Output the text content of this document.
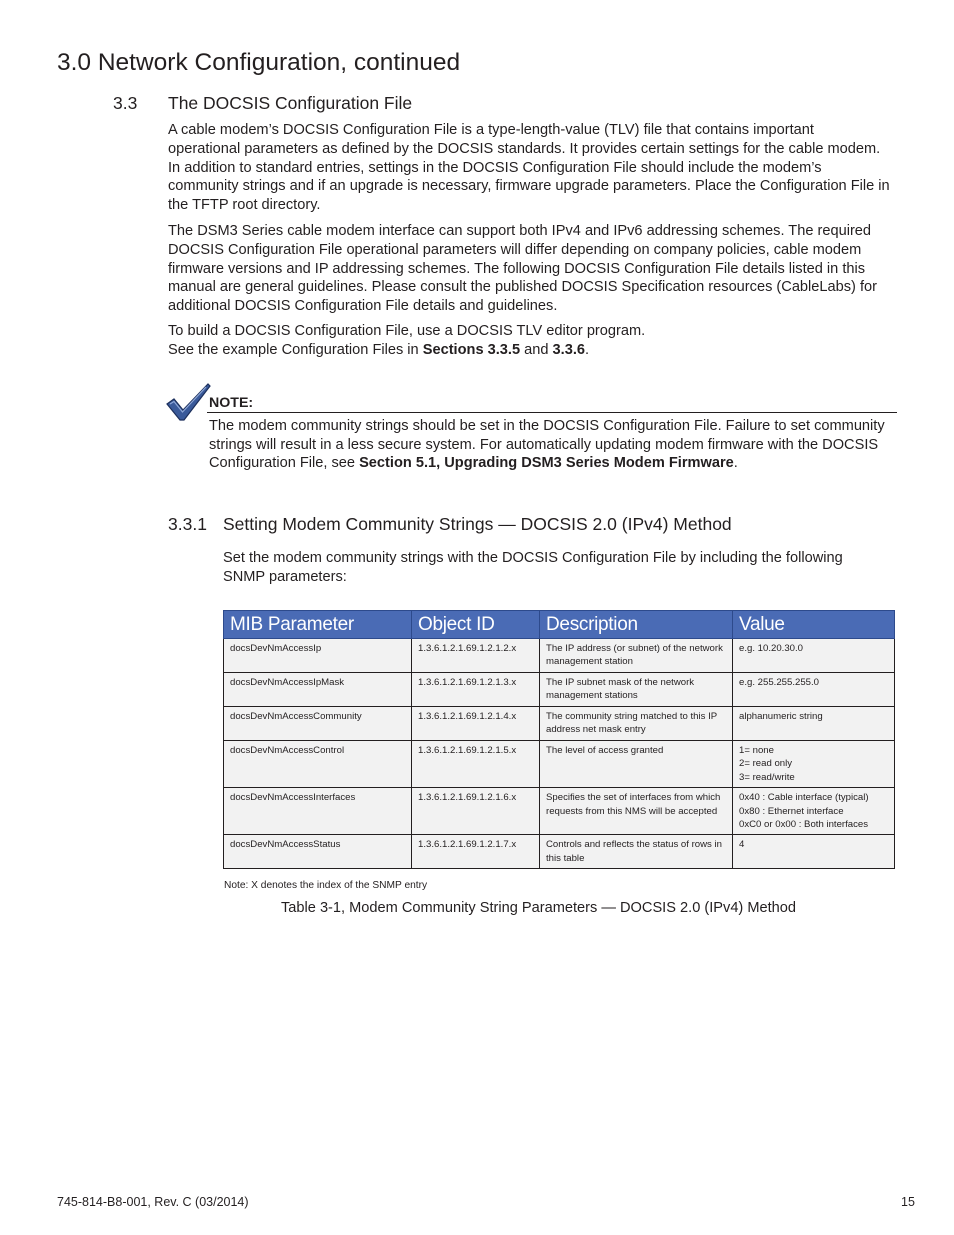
3.0 Network Configuration, continued
3.3 The DOCSIS Configuration File

A cable modem’s DOCSIS Configuration File is a type-length-value (TLV) file that contains important operational parameters as defined by the DOCSIS standards. It provides certain settings for the cable modem. In addition to standard entries, settings in the DOCSIS Configuration File should include the modem’s community strings and if an upgrade is necessary, firmware upgrade parameters. Place the Configuration File in the TFTP root directory.

The DSM3 Series cable modem interface can support both IPv4 and IPv6 addressing schemes. The required DOCSIS Configuration File operational parameters will differ depending on company policies, cable modem firmware versions and IP addressing schemes. The following DOCSIS Configuration File details listed in this manual are general guidelines. Please consult the published DOCSIS Specification resources (CableLabs) for additional DOCSIS Configuration File details and guidelines.

To build a DOCSIS Configuration File, use a DOCSIS TLV editor program.
See the example Configuration Files in Sections 3.3.5 and 3.3.6.

NOTE:

The modem community strings should be set in the DOCSIS Configuration File. Failure to set community strings will result in a less secure system. For automatically updating modem firmware with the DOCSIS Configuration File, see Section 5.1, Upgrading DSM3 Series Modem Firmware.

3.3.1 Setting Modem Community Strings — DOCSIS 2.0 (IPv4) Method

Set the modem community strings with the DOCSIS Configuration File by including the following SNMP parameters:

MIB Parameter	Object ID	Description	Value
docsDevNmAccessIp	1.3.6.1.2.1.69.1.2.1.2.x	The IP address (or subnet) of the network
management station	e.g. 10.20.30.0

docsDevNmAccessIpMask	1.3.6.1.2.1.69.1.2.1.3.x	The IP subnet mask of the network
management stations	e.g. 255.255.255.0

docsDevNmAccessCommunity	1.3.6.1.2.1.69.1.2.1.4.x	The community string matched to this IP
address net mask entry	alphanumeric string

docsDevNmAccessControl	1.3.6.1.2.1.69.1.2.1.5.x	The level of access granted	1= none
2= read only
3= read/write

docsDevNmAccessInterfaces	1.3.6.1.2.1.69.1.2.1.6.x	Specifies the set of interfaces from which
requests from this NMS will be accepted	0x40 : Cable interface (typical)
0x80 : Ethernet interface
0xC0 or 0x00 : Both interfaces

docsDevNmAccessStatus	1.3.6.1.2.1.69.1.2.1.7.x	Controls and reflects the status of rows in
this table	4
Note: X denotes the index of the SNMP entry
Table 3-1, Modem Community String Parameters — DOCSIS 2.0 (IPv4) Method
745-814-B8-001, Rev. C (03/2014)	15
